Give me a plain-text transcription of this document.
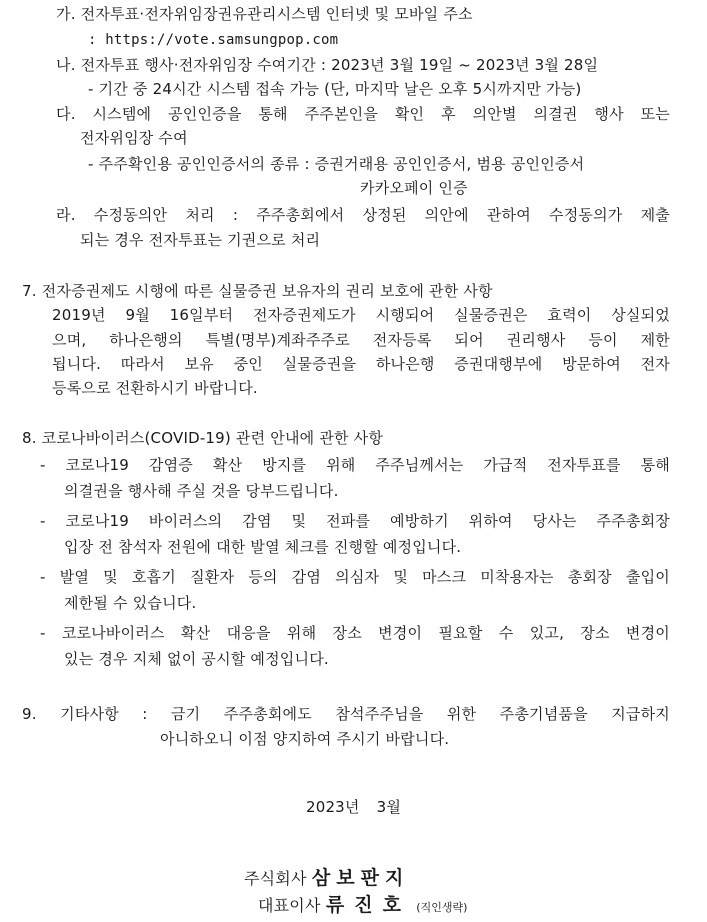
가. 전자투표·전자위임장권유관리시스템 인터넷 및 모바일 주소
: https://vote.samsungpop.com
나. 전자투표 행사·전자위임장 수여기간 : 2023년 3월 19일 ~ 2023년 3월 28일
- 기간 중 24시간 시스템 접속 가능 (단, 마지막 날은 오후 5시까지만 가능)
다. 시스템에 공인인증을 통해 주주본인을 확인 후 의안별 의결권 행사 또는
전자위임장 수여
- 주주확인용 공인인증서의 종류 : 증권거래용 공인인증서, 범용 공인인증서
카카오페이 인증
라. 수정동의안 처리 : 주주총회에서 상정된 의안에 관하여 수정동의가 제출
되는 경우 전자투표는 기권으로 처리
7. 전자증권제도 시행에 따른 실물증권 보유자의 권리 보호에 관한 사항
2019년 9월 16일부터 전자증권제도가 시행되어 실물증권은 효력이 상실되었
으며, 하나은행의 특별(명부)계좌주주로 전자등록 되어 권리행사 등이 제한
됩니다. 따라서 보유 중인 실물증권을 하나은행 증권대행부에 방문하여 전자
등록으로 전환하시기 바랍니다.
8. 코로나바이러스(COVID-19) 관련 안내에 관한 사항
- 코로나19 감염증 확산 방지를 위해 주주님께서는 가급적 전자투표를 통해
의결권을 행사해 주실 것을 당부드립니다.
- 코로나19 바이러스의 감염 및 전파를 예방하기 위하여 당사는 주주총회장
입장 전 참석자 전원에 대한 발열 체크를 진행할 예정입니다.
- 발열 및 호흡기 질환자 등의 감염 의심자 및 마스크 미착용자는 총회장 출입이
제한될 수 있습니다.
- 코로나바이러스 확산 대응을 위해 장소 변경이 필요할 수 있고, 장소 변경이
있는 경우 지체 없이 공시할 예정입니다.
9. 기타사항 : 금기 주주총회에도 참석주주님을 위한 주총기념품을 지급하지
아니하오니 이점 양지하여 주시기 바랍니다.
2023년 3월
주식회사 삼보판지
대표이사 류진호 (직인생략)
